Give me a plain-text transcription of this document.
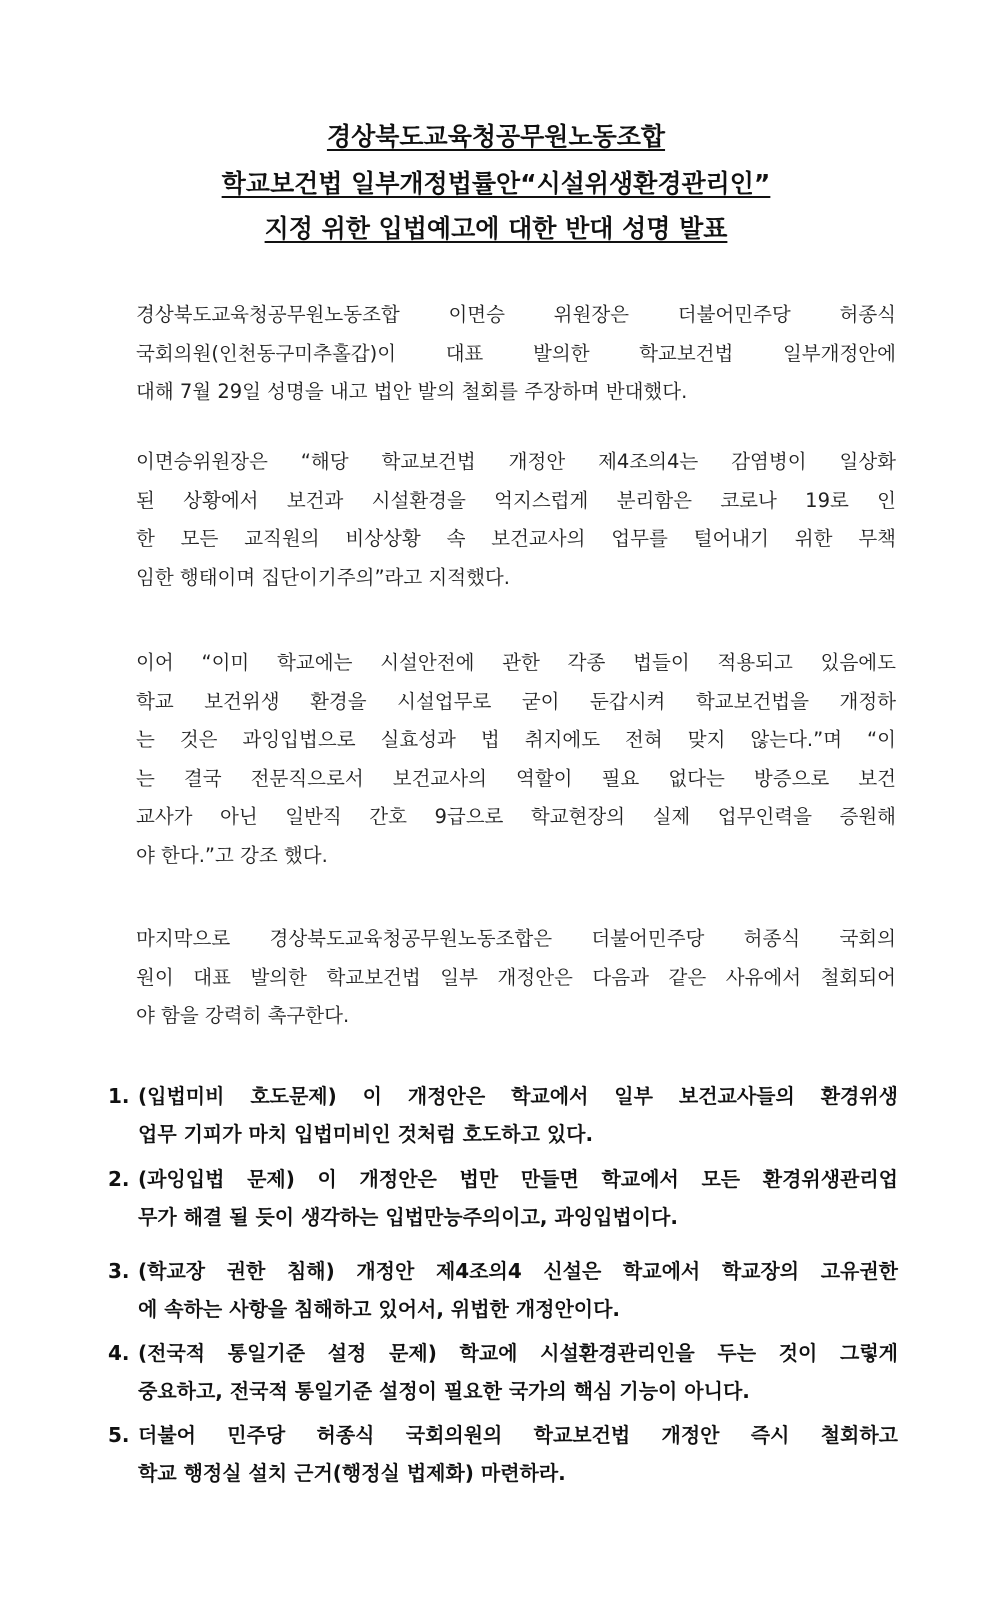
경상북도교육청공무원노동조합
학교보건법 일부개정법률안“시설위생환경관리인”
지정 위한 입법예고에 대한 반대 성명 발표
경상북도교육청공무원노동조합 이면승 위원장은 더불어민주당 허종식
국회의원(인천동구미추홀갑)이 대표 발의한 학교보건법 일부개정안에
대해 7월 29일 성명을 내고 법안 발의 철회를 주장하며 반대했다.
이면승위원장은 “해당 학교보건법 개정안 제4조의4는 감염병이 일상화
된 상황에서 보건과 시설환경을 억지스럽게 분리함은 코로나 19로 인
한 모든 교직원의 비상상황 속 보건교사의 업무를 털어내기 위한 무책
임한 행태이며 집단이기주의”라고 지적했다.
이어 “이미 학교에는 시설안전에 관한 각종 법들이 적용되고 있음에도
학교 보건위생 환경을 시설업무로 굳이 둔갑시켜 학교보건법을 개정하
는 것은 과잉입법으로 실효성과 법 취지에도 전혀 맞지 않는다.”며 “이
는 결국 전문직으로서 보건교사의 역할이 필요 없다는 방증으로 보건
교사가 아닌 일반직 간호 9급으로 학교현장의 실제 업무인력을 증원해
야 한다.”고 강조 했다.
마지막으로 경상북도교육청공무원노동조합은 더불어민주당 허종식 국회의
원이 대표 발의한 학교보건법 일부 개정안은 다음과 같은 사유에서 철회되어
야 함을 강력히 촉구한다.
1. (입법미비 호도문제) 이 개정안은 학교에서 일부 보건교사들의 환경위생
업무 기피가 마치 입법미비인 것처럼 호도하고 있다.
2. (과잉입법 문제) 이 개정안은 법만 만들면 학교에서 모든 환경위생관리업
무가 해결 될 듯이 생각하는 입법만능주의이고, 과잉입법이다.
3. (학교장 권한 침해) 개정안 제4조의4 신설은 학교에서 학교장의 고유권한
에 속하는 사항을 침해하고 있어서, 위법한 개정안이다.
4. (전국적 통일기준 설정 문제) 학교에 시설환경관리인을 두는 것이 그렇게
중요하고, 전국적 통일기준 설정이 필요한 국가의 핵심 기능이 아니다.
5. 더불어 민주당 허종식 국회의원의 학교보건법 개정안 즉시 철회하고
학교 행정실 설치 근거(행정실 법제화) 마련하라.
